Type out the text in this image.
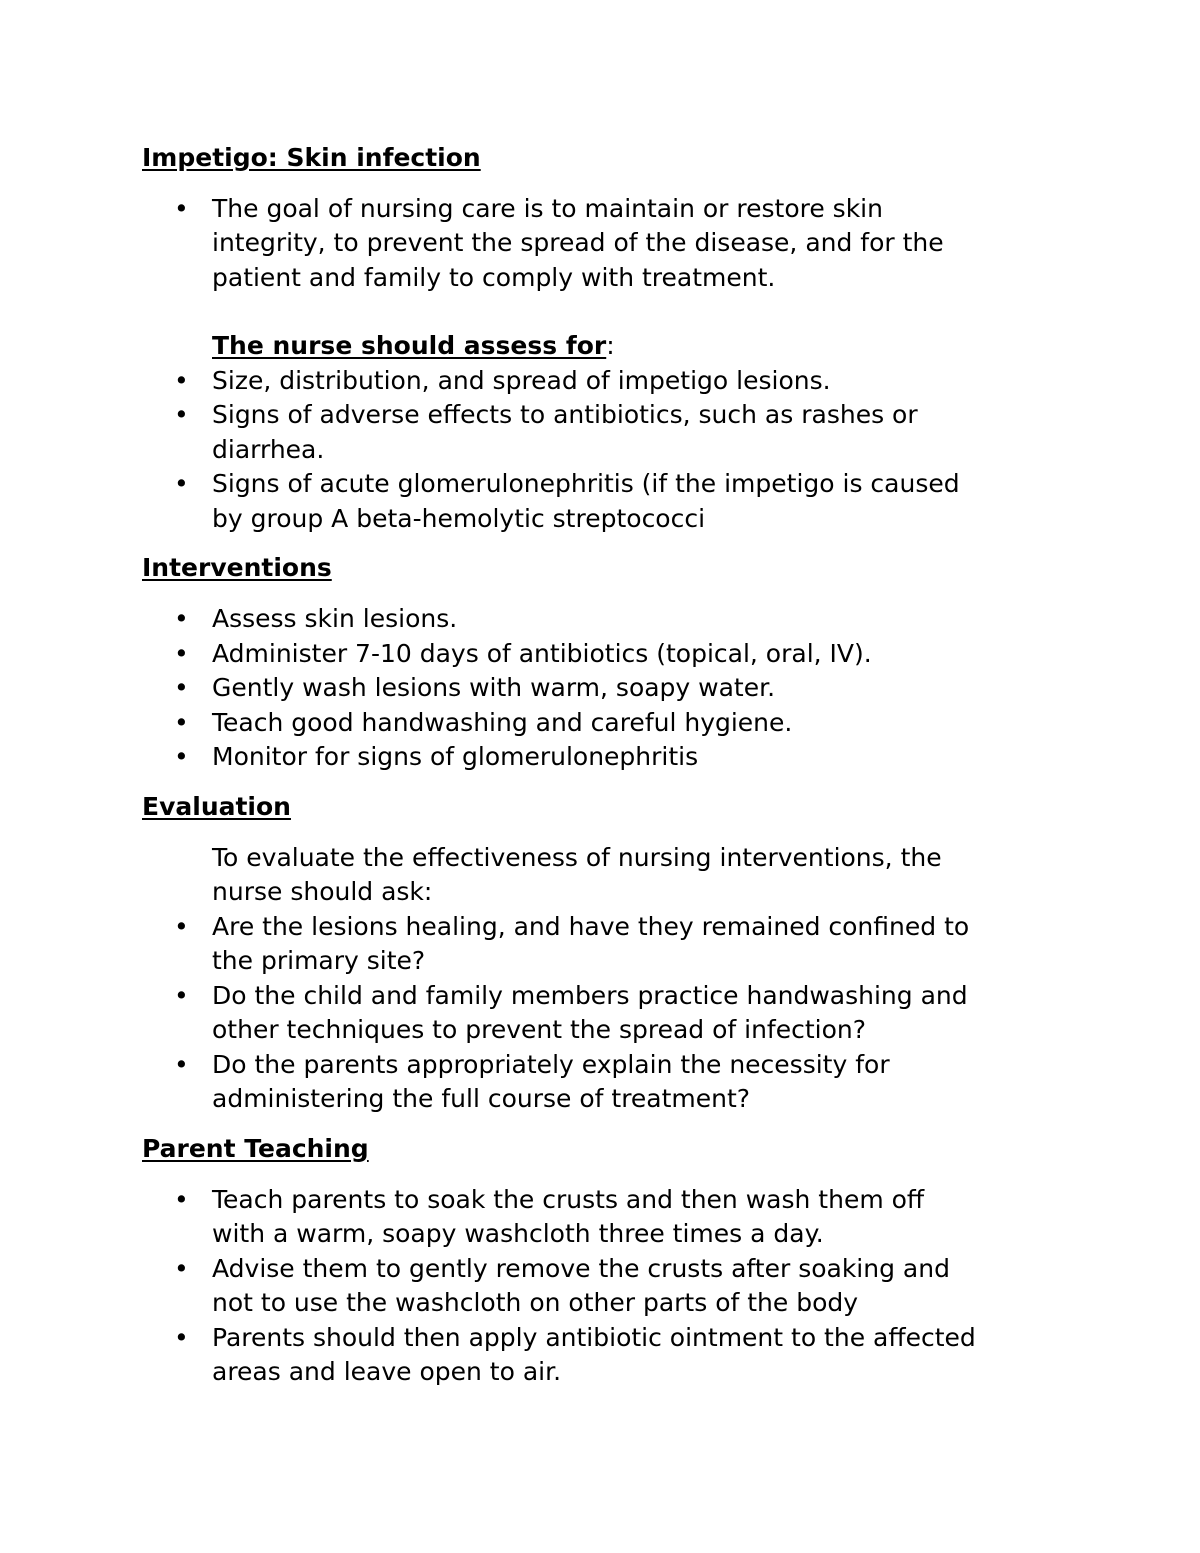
Impetigo: Skin infection
• The goal of nursing care is to maintain or restore skin

integrity, to prevent the spread of the disease, and for the

patient and family to comply with treatment.

The nurse should assess for:

• Size, distribution, and spread of impetigo lesions.

• Signs of adverse effects to antibiotics, such as rashes or

diarrhea.

• Signs of acute glomerulonephritis (if the impetigo is caused

by group A beta-hemolytic streptococci

Interventions
• Assess skin lesions.

• Administer 7-10 days of antibiotics (topical, oral, IV).

• Gently wash lesions with warm, soapy water.

• Teach good handwashing and careful hygiene.

• Monitor for signs of glomerulonephritis

Evaluation

To evaluate the effectiveness of nursing interventions, the

nurse should ask:

• Are the lesions healing, and have they remained confined to

the primary site?

• Do the child and family members practice handwashing and

other techniques to prevent the spread of infection?

• Do the parents appropriately explain the necessity for

administering the full course of treatment?

Parent Teaching
• Teach parents to soak the crusts and then wash them off

with a warm, soapy washcloth three times a day.

• Advise them to gently remove the crusts after soaking and

not to use the washcloth on other parts of the body

• Parents should then apply antibiotic ointment to the affected

areas and leave open to air.
